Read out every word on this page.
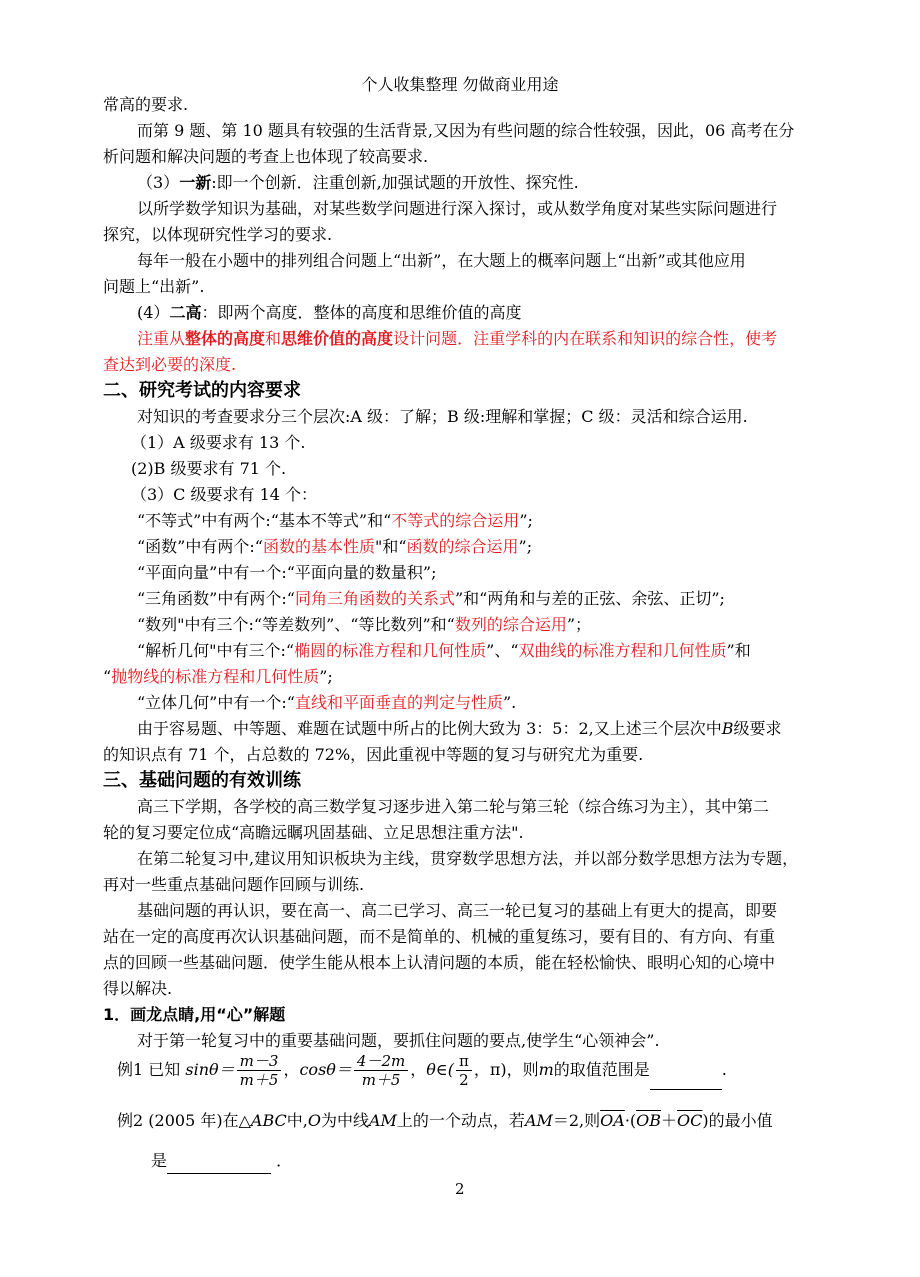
个人收集整理 勿做商业用途
常高的要求.
而第 9 题、第 10 题具有较强的生活背景,又因为有些问题的综合性较强，因此，06 高考在分
析问题和解决问题的考查上也体现了较高要求.
（3）一新:即一个创新．注重创新,加强试题的开放性、探究性.
以所学数学知识为基础，对某些数学问题进行深入探讨，或从数学角度对某些实际问题进行
探究，以体现研究性学习的要求.
每年一般在小题中的排列组合问题上“出新”，在大题上的概率问题上“出新”或其他应用
问题上“出新”.
(4）二高：即两个高度．整体的高度和思维价值的高度
注重从整体的高度和思维价值的高度设计问题．注重学科的内在联系和知识的综合性，使考
查达到必要的深度.
二、研究考试的内容要求
对知识的考查要求分三个层次:A 级：了解；B 级:理解和掌握；C 级：灵活和综合运用.
（1）A 级要求有 13 个.
(2)B 级要求有 71 个.
（3）C 级要求有 14 个：
“不等式”中有两个:“基本不等式”和“不等式的综合运用”;
“函数”中有两个:“函数的基本性质"和“函数的综合运用”;
“平面向量”中有一个:“平面向量的数量积”;
“三角函数”中有两个:“同角三角函数的关系式”和“两角和与差的正弦、余弦、正切”;
“数列"中有三个:“等差数列”、“等比数列”和“数列的综合运用”；
“解析几何"中有三个:“椭圆的标准方程和几何性质”、“双曲线的标准方程和几何性质”和
“抛物线的标准方程和几何性质”;
“立体几何”中有一个:“直线和平面垂直的判定与性质”.
由于容易题、中等题、难题在试题中所占的比例大致为 3：5：2,又上述三个层次中B级要求
的知识点有 71 个，占总数的 72%，因此重视中等题的复习与研究尤为重要.
三、基础问题的有效训练
高三下学期，各学校的高三数学复习逐步进入第二轮与第三轮（综合练习为主），其中第二
轮的复习要定位成“高瞻远瞩巩固基础、立足思想注重方法".
在第二轮复习中,建议用知识板块为主线，贯穿数学思想方法，并以部分数学思想方法为专题，
再对一些重点基础问题作回顾与训练.
基础问题的再认识，要在高一、高二已学习、高三一轮已复习的基础上有更大的提高，即要
站在一定的高度再次认识基础问题，而不是简单的、机械的重复练习，要有目的、有方向、有重
点的回顾一些基础问题．使学生能从根本上认清问题的本质，能在轻松愉快、眼明心知的心境中
得以解决.
1．画龙点睛,用“心”解题
对于第一轮复习中的重要基础问题，要抓住问题的要点,使学生“心领神会”.
例1 已知 $\sin\theta= \frac{m-3}{m+5}$ ，$\cos\theta= \frac{4-2m}{m+5}$ ，θ∈( $\frac{\pi}{2}$ ，π)，则m的取值范围是	.
例2 (2005 年)在△ABC中,O为中线AM上的一个动点，若AM＝2,则$\overline{OA}\cdot(\overline{OB}+\overline{OC})$的最小值
是	．
2
